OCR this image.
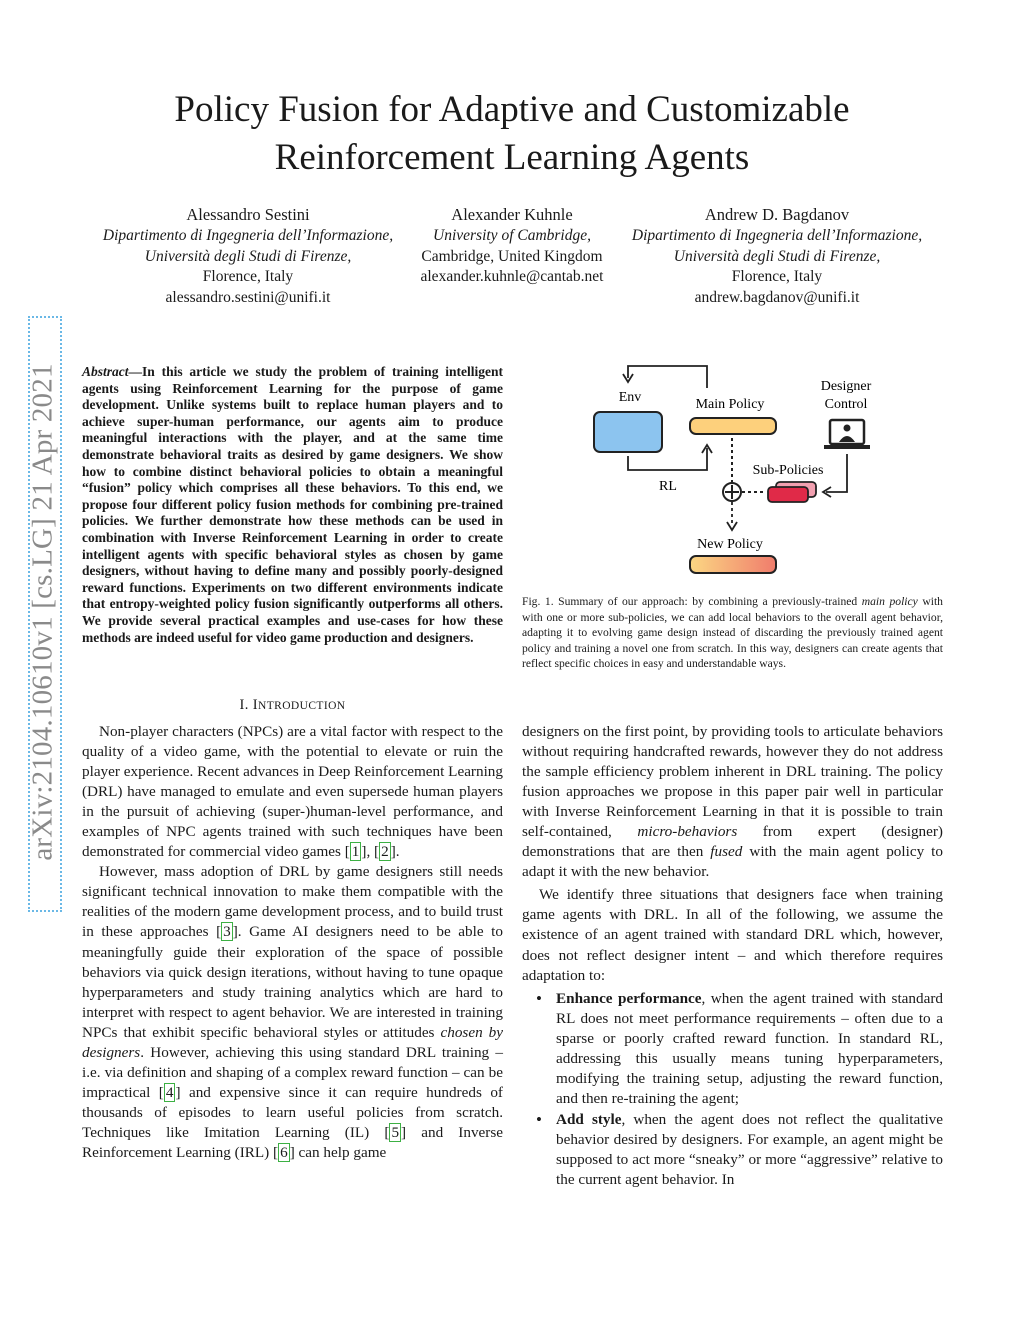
Policy Fusion for Adaptive and Customizable
Reinforcement Learning Agents
Alessandro Sestini
Dipartimento di Ingegneria dell’Informazione,
Università degli Studi di Firenze,
Florence, Italy
alessandro.sestini@unifi.it
Alexander Kuhnle
University of Cambridge,
Cambridge, United Kingdom
alexander.kuhnle@cantab.net
Andrew D. Bagdanov
Dipartimento di Ingegneria dell’Informazione,
Università degli Studi di Firenze,
Florence, Italy
andrew.bagdanov@unifi.it
arXiv:2104.10610v1 [cs.LG] 21 Apr 2021 Abstract—In this article we study the problem of training intelligent agents using Reinforcement Learning for the purpose of game development. Unlike systems built to replace human players and to achieve super-human performance, our agents aim to produce meaningful interactions with the player, and at the same time demonstrate behavioral traits as desired by game designers. We show how to combine distinct behavioral policies to obtain a meaningful “fusion” policy which comprises all these behaviors. To this end, we propose four different policy fusion methods for combining pre-trained policies. We further demonstrate how these methods can be used in combination with Inverse Reinforcement Learning in order to create intelligent agents with specific behavioral styles as chosen by game designers, without having to define many and possibly poorly-designed reward functions. Experiments on two different environments indicate that entropy-weighted policy fusion significantly outperforms all others. We provide several practical examples and use-cases for how these methods are indeed useful for video game production and designers.
I. INTRODUCTION

Non-player characters (NPCs) are a vital factor with respect to the quality of a video game, with the potential to elevate or ruin the player experience. Recent advances in Deep Reinforcement Learning (DRL) have managed to emulate and even supersede human players in the pursuit of achieving (super-)human-level performance, and examples of NPC agents trained with such techniques have been demonstrated for commercial video games [ 1 ], [ 2 ].

However, mass adoption of DRL by game designers still needs significant technical innovation to make them compatible with the realities of the modern game development process, and to build trust in these approaches [ 3 ]. Game AI designers need to be able to meaningfully guide their exploration of the space of possible behaviors via quick design iterations, without having to tune opaque hyperparameters and study training analytics which are hard to interpret with respect to agent behavior. We are interested in training NPCs that exhibit specific behavioral styles or attitudes chosen by designers. However, achieving this using standard DRL training – i.e. via definition and shaping of a complex reward function – can be impractical [ 4 ] and expensive since it can require hundreds of thousands of episodes to learn useful policies from scratch. Techniques like Imitation Learning (IL) [ 5 ] and Inverse Reinforcement Learning (IRL) [ 6 ] can help game

Env	Main Policy
RL
Sub-Policies
Designer
Control
New Policy
Fig. 1. Summary of our approach: by combining a previously-trained main policy with with one or more sub-policies, we can add local behaviors to the overall agent behavior, adapting it to evolving game design instead of discarding the previously trained agent policy and training a novel one from scratch. In this way, designers can create agents that reflect specific choices in easy and understandable ways.

designers on the first point, by providing tools to articulate behaviors without requiring handcrafted rewards, however they do not address the sample efficiency problem inherent in DRL training. The policy fusion approaches we propose in this paper pair well in particular with Inverse Reinforcement Learning in that it is possible to train self-contained, micro-behaviors from expert (designer) demonstrations that are then fused with the main agent policy to adapt it with the new behavior.

We identify three situations that designers face when training game agents with DRL. In all of the following, we assume the existence of an agent trained with standard DRL which, however, does not reflect designer intent – and which therefore requires adaptation to:

• Enhance performance, when the agent trained with standard RL does not meet performance requirements – often due to a sparse or poorly crafted reward function. In standard RL, addressing this usually means tuning hyperparameters, modifying the training setup, adjusting the reward function, and then re-training the agent;
• Add style, when the agent does not reflect the qualitative behavior desired by designers. For example, an agent might be supposed to act more “sneaky” or more “aggressive” relative to the current agent behavior. In
